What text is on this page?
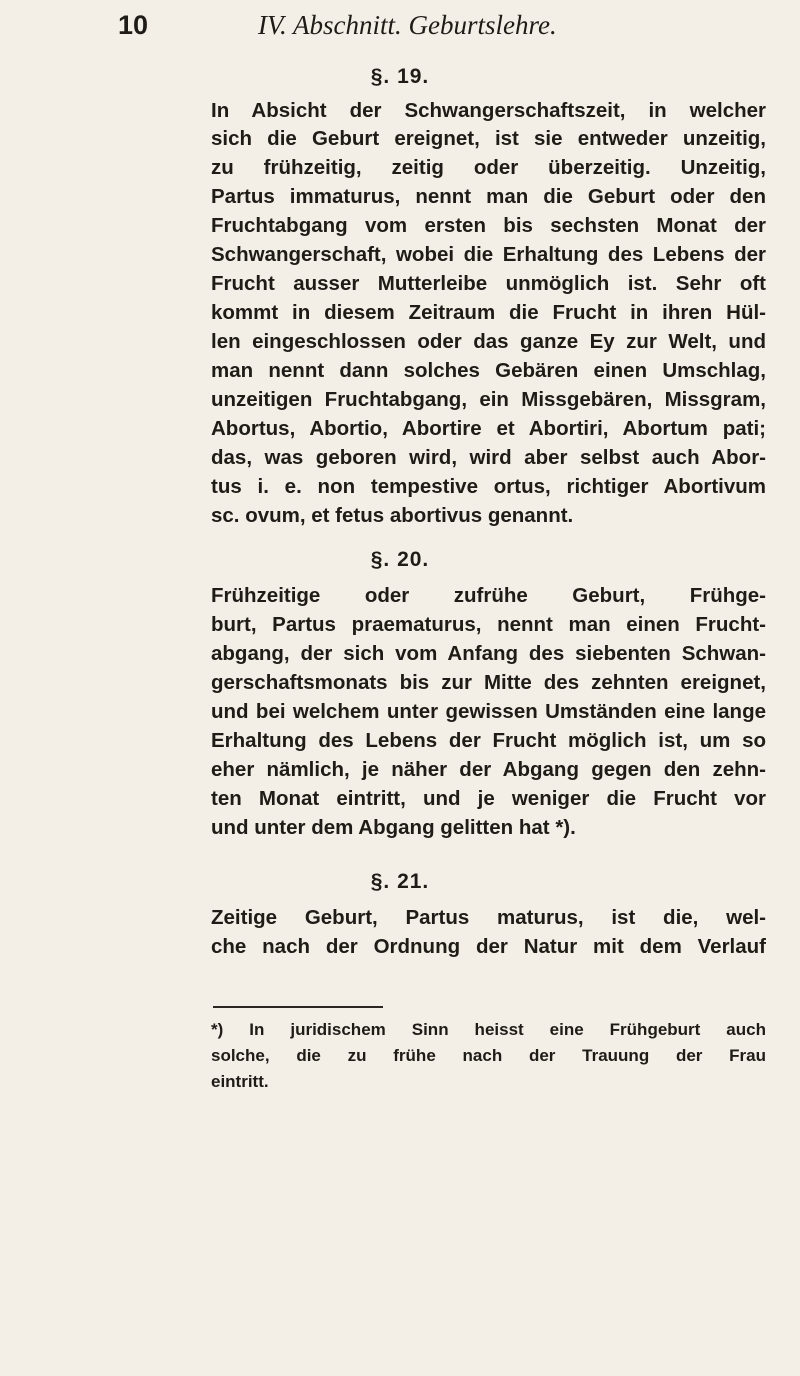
10	IV. Abschnitt. Geburtslehre.
§. 19.
In Absicht der Schwangerschaftszeit, in welcher
sich die Geburt ereignet, ist sie entweder unzeitig,
zu frühzeitig, zeitig oder überzeitig. Unzeitig,
Partus immaturus, nennt man die Geburt oder den
Fruchtabgang vom ersten bis sechsten Monat der
Schwangerschaft, wobei die Erhaltung des Lebens der
Frucht ausser Mutterleibe unmöglich ist. Sehr oft
kommt in diesem Zeitraum die Frucht in ihren Hül-
len eingeschlossen oder das ganze Ey zur Welt, und
man nennt dann solches Gebären einen Umschlag,
unzeitigen Fruchtabgang, ein Missgebären, Missgram,
Abortus, Abortio, Abortire et Abortiri, Abortum pati;
das, was geboren wird, wird aber selbst auch Abor-
tus i. e. non tempestive ortus, richtiger Abortivum
sc. ovum, et fetus abortivus genannt.
§. 20.
Frühzeitige oder zufrühe Geburt, Frühge-
burt, Partus praematurus, nennt man einen Frucht-
abgang, der sich vom Anfang des siebenten Schwan-
gerschaftsmonats bis zur Mitte des zehnten ereignet,
und bei welchem unter gewissen Umständen eine lange
Erhaltung des Lebens der Frucht möglich ist, um so
eher nämlich, je näher der Abgang gegen den zehn-
ten Monat eintritt, und je weniger die Frucht vor
und unter dem Abgang gelitten hat *).
§. 21.
Zeitige Geburt, Partus maturus, ist die, wel-
che nach der Ordnung der Natur mit dem Verlauf
*) In juridischem Sinn heisst eine Frühgeburt auch
solche, die zu frühe nach der Trauung der Frau
eintritt.
